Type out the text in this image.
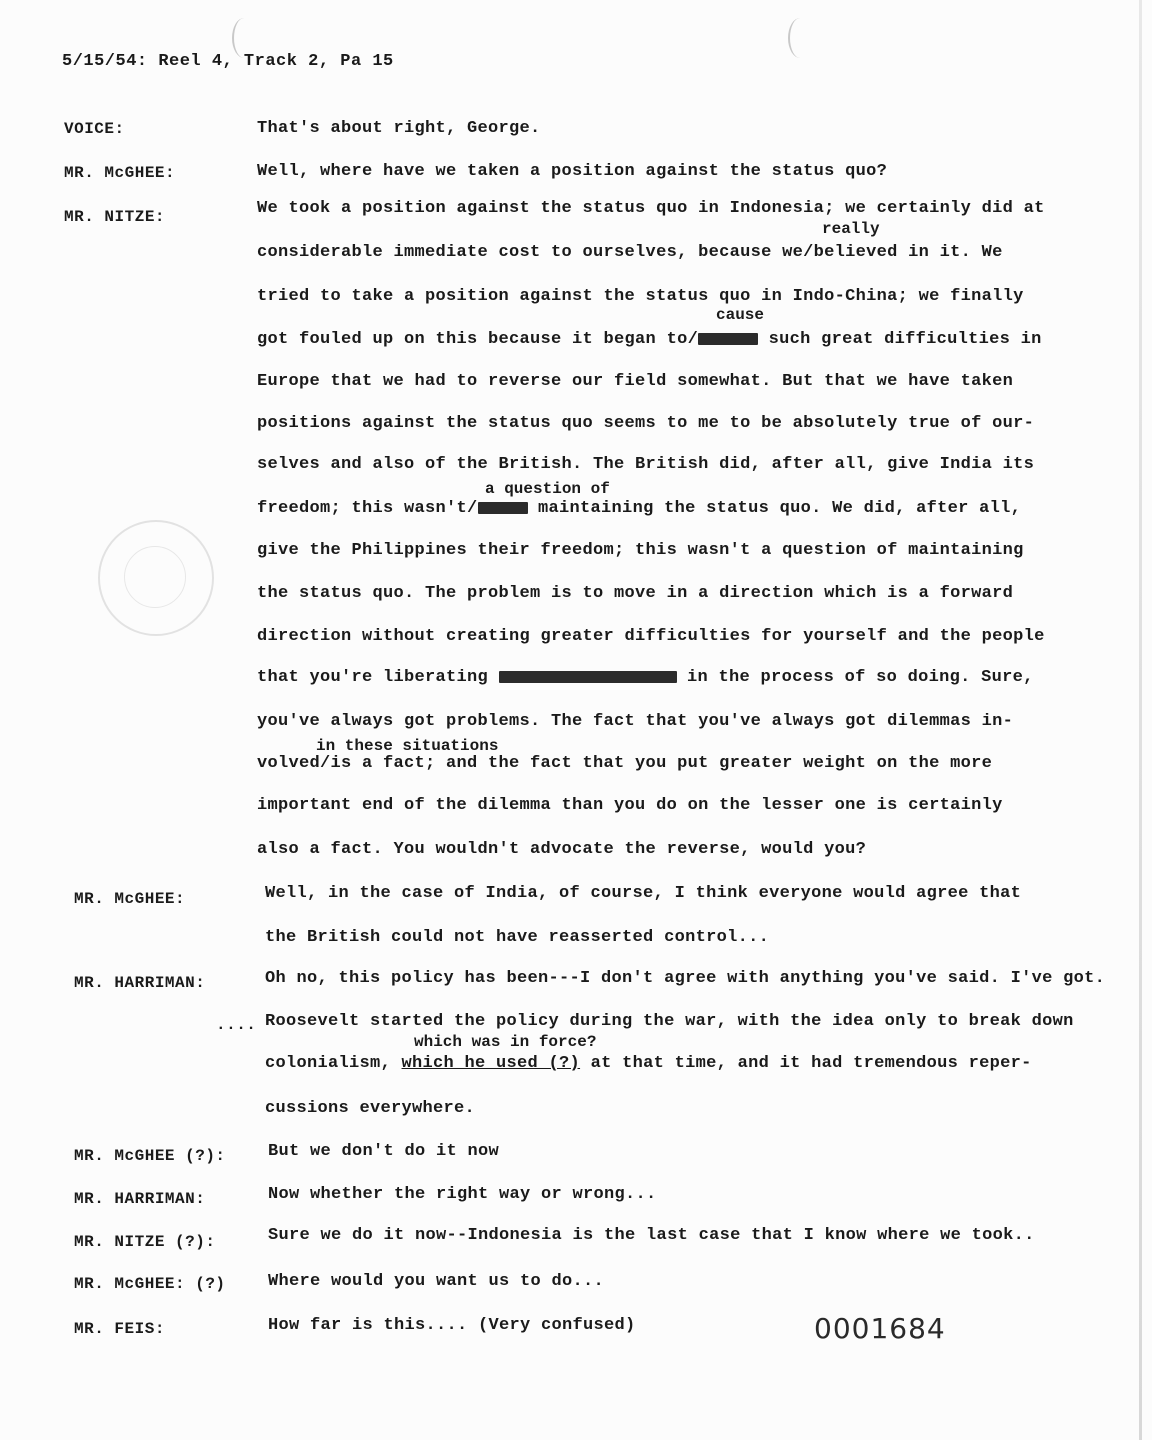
5/15/54: Reel 4, Track 2, Pa 15
VOICE:	That's about right, George.
MR. McGHEE:	Well, where have we taken a position against the status quo?
MR. NITZE:	We took a position against the status quo in Indonesia; we certainly did at
really
considerable immediate cost to ourselves, because we/believed in it. We
tried to take a position against the status quo in Indo-China; we finally
cause
got fouled up on this because it began to/	such great difficulties in
Europe that we had to reverse our field somewhat. But that we have taken
positions against the status quo seems to me to be absolutely true of our-
selves and also of the British. The British did, after all, give India its
a question of
freedom; this wasn't/	maintaining the status quo. We did, after all,
give the Philippines their freedom; this wasn't a question of maintaining
the status quo. The problem is to move in a direction which is a forward
direction without creating greater difficulties for yourself and the people
that you're liberating	in the process of so doing. Sure,
you've always got problems. The fact that you've always got dilemmas in-
in these situations
volved/is a fact; and the fact that you put greater weight on the more
important end of the dilemma than you do on the lesser one is certainly
also a fact. You wouldn't advocate the reverse, would you?
MR. McGHEE:	Well, in the case of India, of course, I think everyone would agree that
the British could not have reasserted control...
MR. HARRIMAN:	Oh no, this policy has been---I don't agree with anything you've said. I've got.
.... Roosevelt started the policy during the war, with the idea only to break down
which was in force?
colonialism, which he used (?) at that time, and it had tremendous reper-
cussions everywhere.
MR. McGHEE (?): But we don't do it now
MR. HARRIMAN:	Now whether the right way or wrong...
MR. NITZE (?):	Sure we do it now--Indonesia is the last case that I know where we took..
MR. McGHEE: (?) Where would you want us to do...
MR. FEIS:	How far is this.... (Very confused)	0001684
